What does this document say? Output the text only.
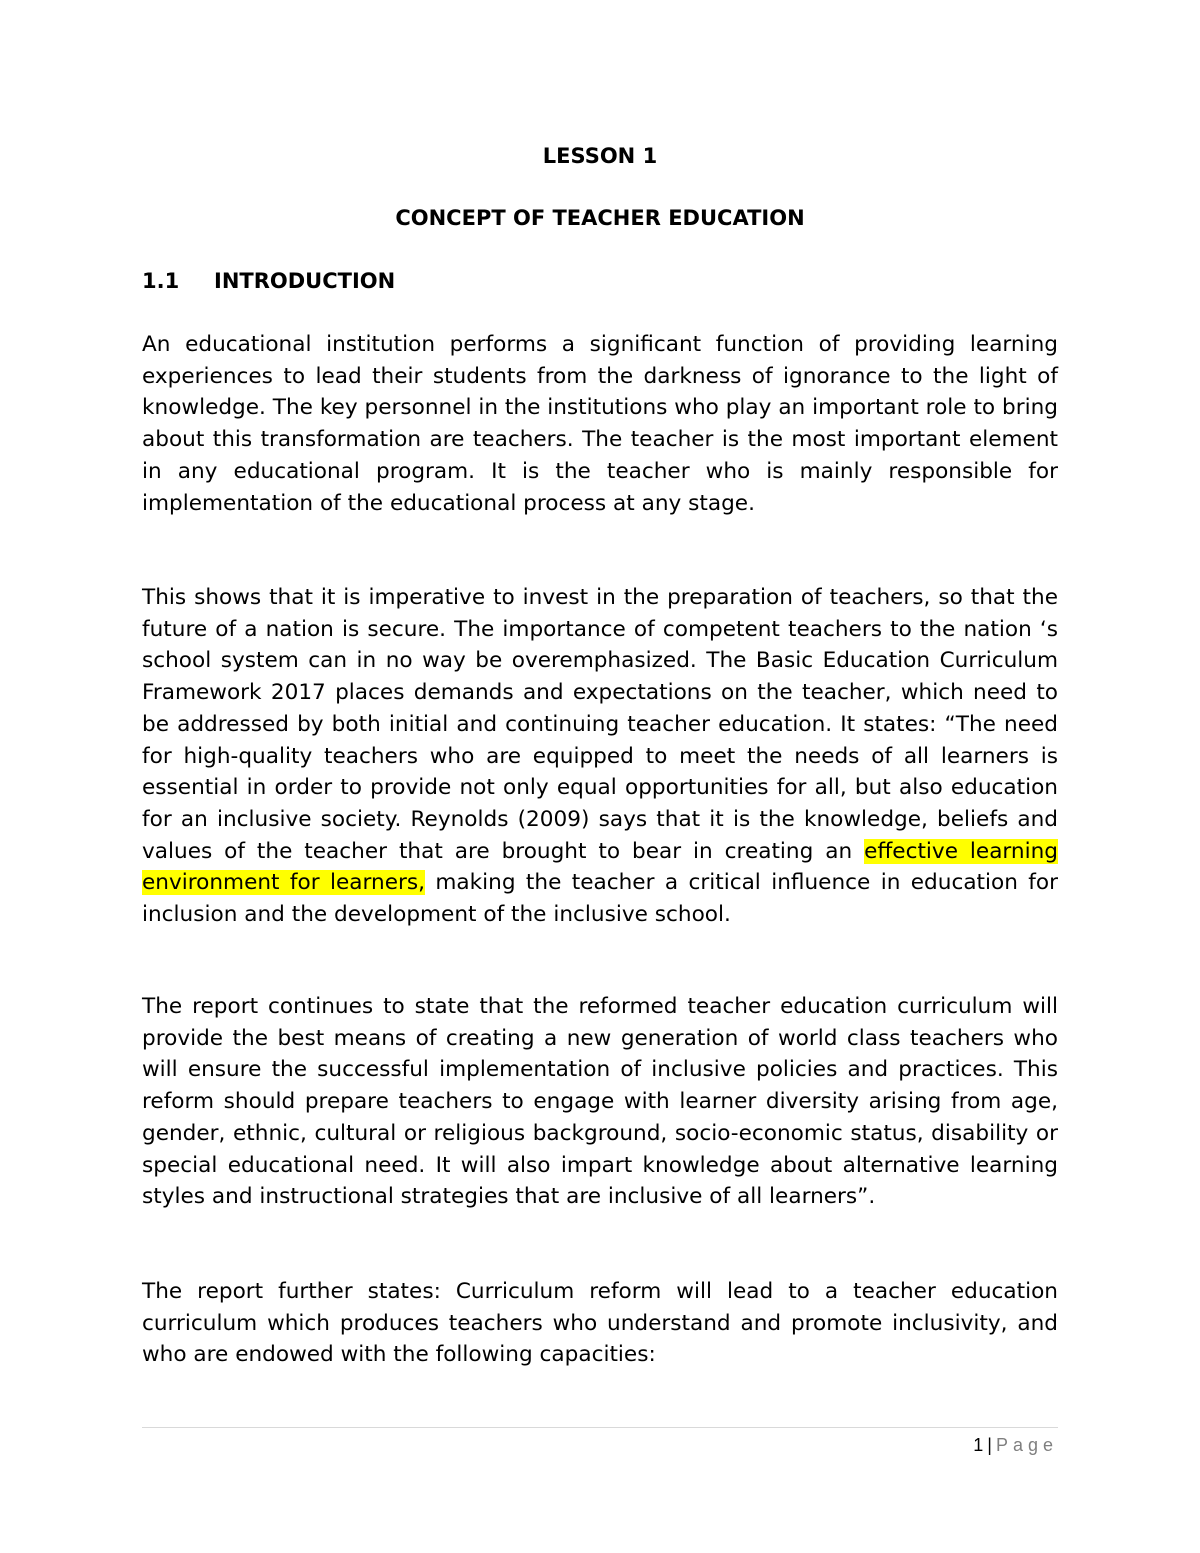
LESSON 1
CONCEPT OF TEACHER EDUCATION
1.1 INTRODUCTION

An educational institution performs a significant function of providing learning experiences to lead their students from the darkness of ignorance to the light of knowledge. The key personnel in the institutions who play an important role to bring about this transformation are teachers. The teacher is the most important element in any educational program. It is the teacher who is mainly responsible for implementation of the educational process at any stage.

This shows that it is imperative to invest in the preparation of teachers, so that the future of a nation is secure. The importance of competent teachers to the nation ‘s school system can in no way be overemphasized. The Basic Education Curriculum Framework 2017 places demands and expectations on the teacher, which need to be addressed by both initial and continuing teacher education. It states: “The need for high-quality teachers who are equipped to meet the needs of all learners is essential in order to provide not only equal opportunities for all, but also education for an inclusive society. Reynolds (2009) says that it is the knowledge, beliefs and values of the teacher that are brought to bear in creating an effective learning environment for learners, making the teacher a critical influence in education for inclusion and the development of the inclusive school.

The report continues to state that the reformed teacher education curriculum will provide the best means of creating a new generation of world class teachers who will ensure the successful implementation of inclusive policies and practices. This reform should prepare teachers to engage with learner diversity arising from age, gender, ethnic, cultural or religious background, socio-economic status, disability or special educational need. It will also impart knowledge about alternative learning styles and instructional strategies that are inclusive of all learners”.

The report further states: Curriculum reform will lead to a teacher education curriculum which produces teachers who understand and promote inclusivity, and who are endowed with the following capacities:

1 | Page
